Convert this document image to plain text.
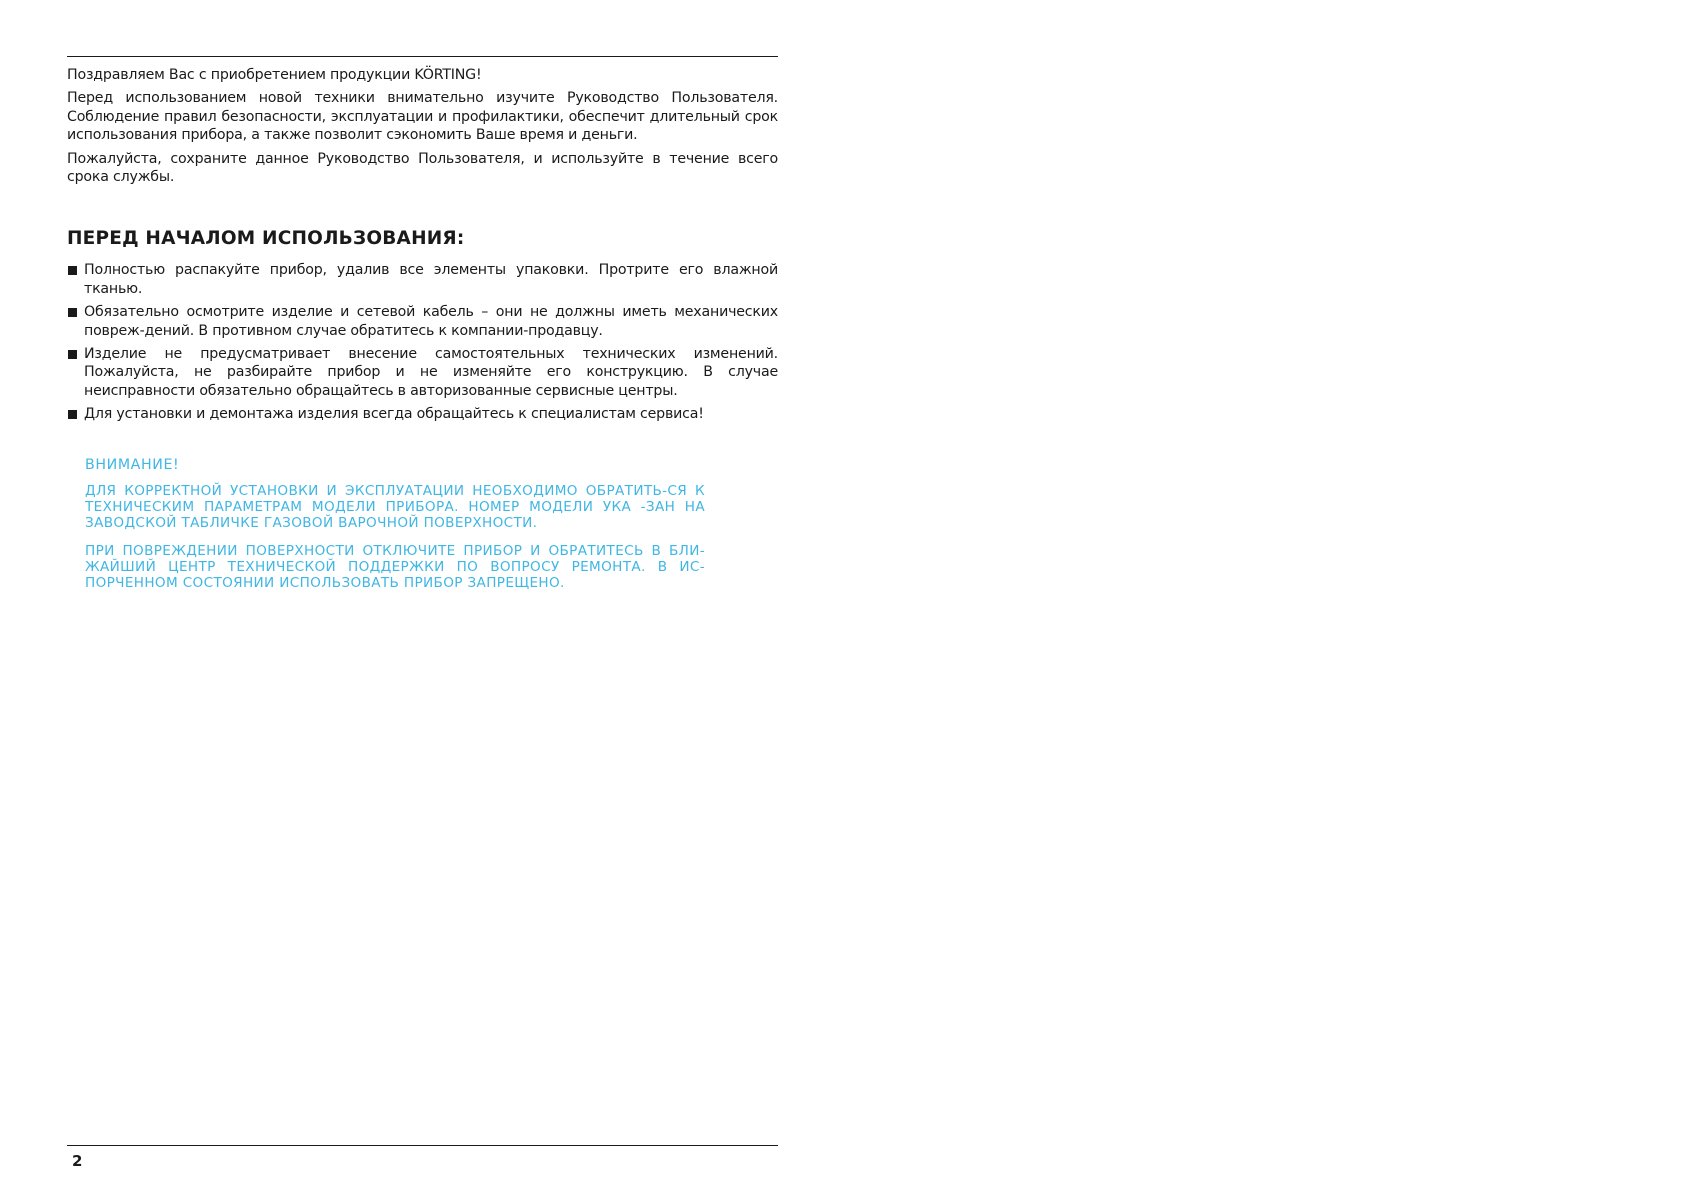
Поздравляем Вас с приобретением продукции KÖRTING!

Перед использованием новой техники внимательно изучите Руководство Пользователя. Соблюдение правил безопасности, эксплуатации и профилактики, обеспечит длительный срок использования прибора, а также позволит сэкономить Ваше время и деньги.

Пожалуйста, сохраните данное Руководство Пользователя, и используйте в течение всего срока службы.

ПЕРЕД НАЧАЛОМ ИСПОЛЬЗОВАНИЯ:
Полностью распакуйте прибор, удалив все элементы упаковки. Протрите его влажной тканью.
Обязательно осмотрите изделие и сетевой кабель – они не должны иметь механических повреж-дений. В противном случае обратитесь к компании-продавцу.
Изделие не предусматривает внесение самостоятельных технических изменений. Пожалуйста, не разбирайте прибор и не изменяйте его конструкцию. В случае неисправности обязательно обращайтесь в авторизованные сервисные центры.
Для установки и демонтажа изделия всегда обращайтесь к специалистам сервиса!
ВНИМАНИЕ!

ДЛЯ КОРРЕКТНОЙ УСТАНОВКИ И ЭКСПЛУАТАЦИИ НЕОБХОДИМО ОБРАТИТЬ-СЯ К ТЕХНИЧЕСКИМ ПАРАМЕТРАМ МОДЕЛИ ПРИБОРА. НОМЕР МОДЕЛИ УКА -ЗАН НА ЗАВОДСКОЙ ТАБЛИЧКЕ ГАЗОВОЙ ВАРОЧНОЙ ПОВЕРХНОСТИ.

ПРИ ПОВРЕЖДЕНИИ ПОВЕРХНОСТИ ОТКЛЮЧИТЕ ПРИБОР И ОБРАТИТЕСЬ В БЛИ-ЖАЙШИЙ ЦЕНТР ТЕХНИЧЕСКОЙ ПОДДЕРЖКИ ПО ВОПРОСУ РЕМОНТА. В ИС-ПОРЧЕННОМ СОСТОЯНИИ ИСПОЛЬЗОВАТЬ ПРИБОР ЗАПРЕЩЕНО.

2
